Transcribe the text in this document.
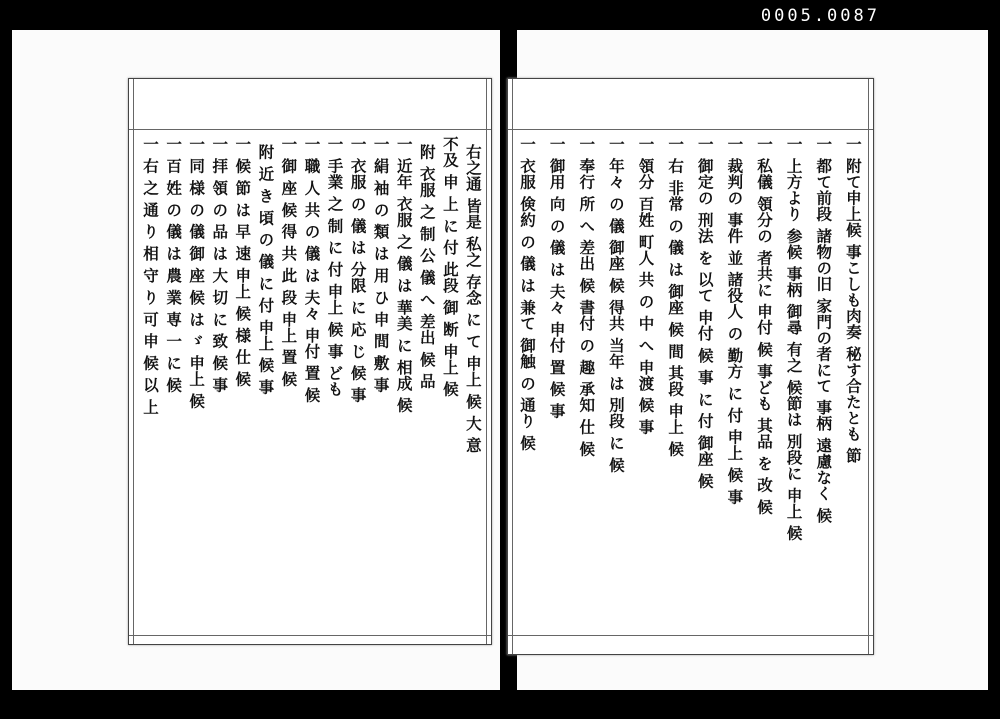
0005.0087
右之通 皆是 私之 存念 に て 申上 候 大 意
不及 申 上 に 付 此段 御 断 申上 候
附 衣服 之 制 公 儀 へ 差出 候 品
一 近年 衣服 之 儀 は 華美 に 相成 候
一 絹 袖 の 類 は 用 ひ 申 間 敷 事
一 衣服 の 儀 は 分限 に 応 じ 候 事
一 手業 之 制 に 付 申上 候 事 ども
一 職 人 共 の 儀 は 夫々 申付 置 候
一 御 座 候 得 共 此 段 申上 置 候
附 近 き 頃 の 儀 に 付 申上 候 事
一 候 節 は 早 速 申上 候 様 仕 候
一 拝 領 の 品 は 大 切 に 致 候 事
一 同 様 の 儀 御 座 候 は ゞ 申上 候
一 百 姓 の 儀 は 農 業 専 一 に 候
一 右 之 通 り 相 守 り 可 申 候 以 上	一 附て申上候 事こしも肉奏 秘す合たとも 節
一 都て前段 諸物の旧 家門の者にて 事柄 遠慮なく 候
一 上方より 参候 事柄 御尋 有之 候節は 別段に 申上 候
一 私儀 領分の 者共に 申付 候 事ども 其品 を 改 候
一 裁判の 事件 並 諸役人 の 勤方 に 付 申上 候 事
一 御定の 刑法 を 以て 申付 候 事 に 付 御座 候
一 右 非常 の 儀 は 御座 候 間 其段 申上 候
一 領分 百姓 町人 共 の 中 へ 申渡 候 事
一 年々 の 儀 御座 候 得共 当年 は 別段 に 候
一 奉行 所 へ 差出 候 書付 の 趣 承知 仕 候
一 御用 向 の 儀 は 夫々 申付 置 候 事
一 衣服 倹約 の 儀 は 兼て 御触 の 通り 候
